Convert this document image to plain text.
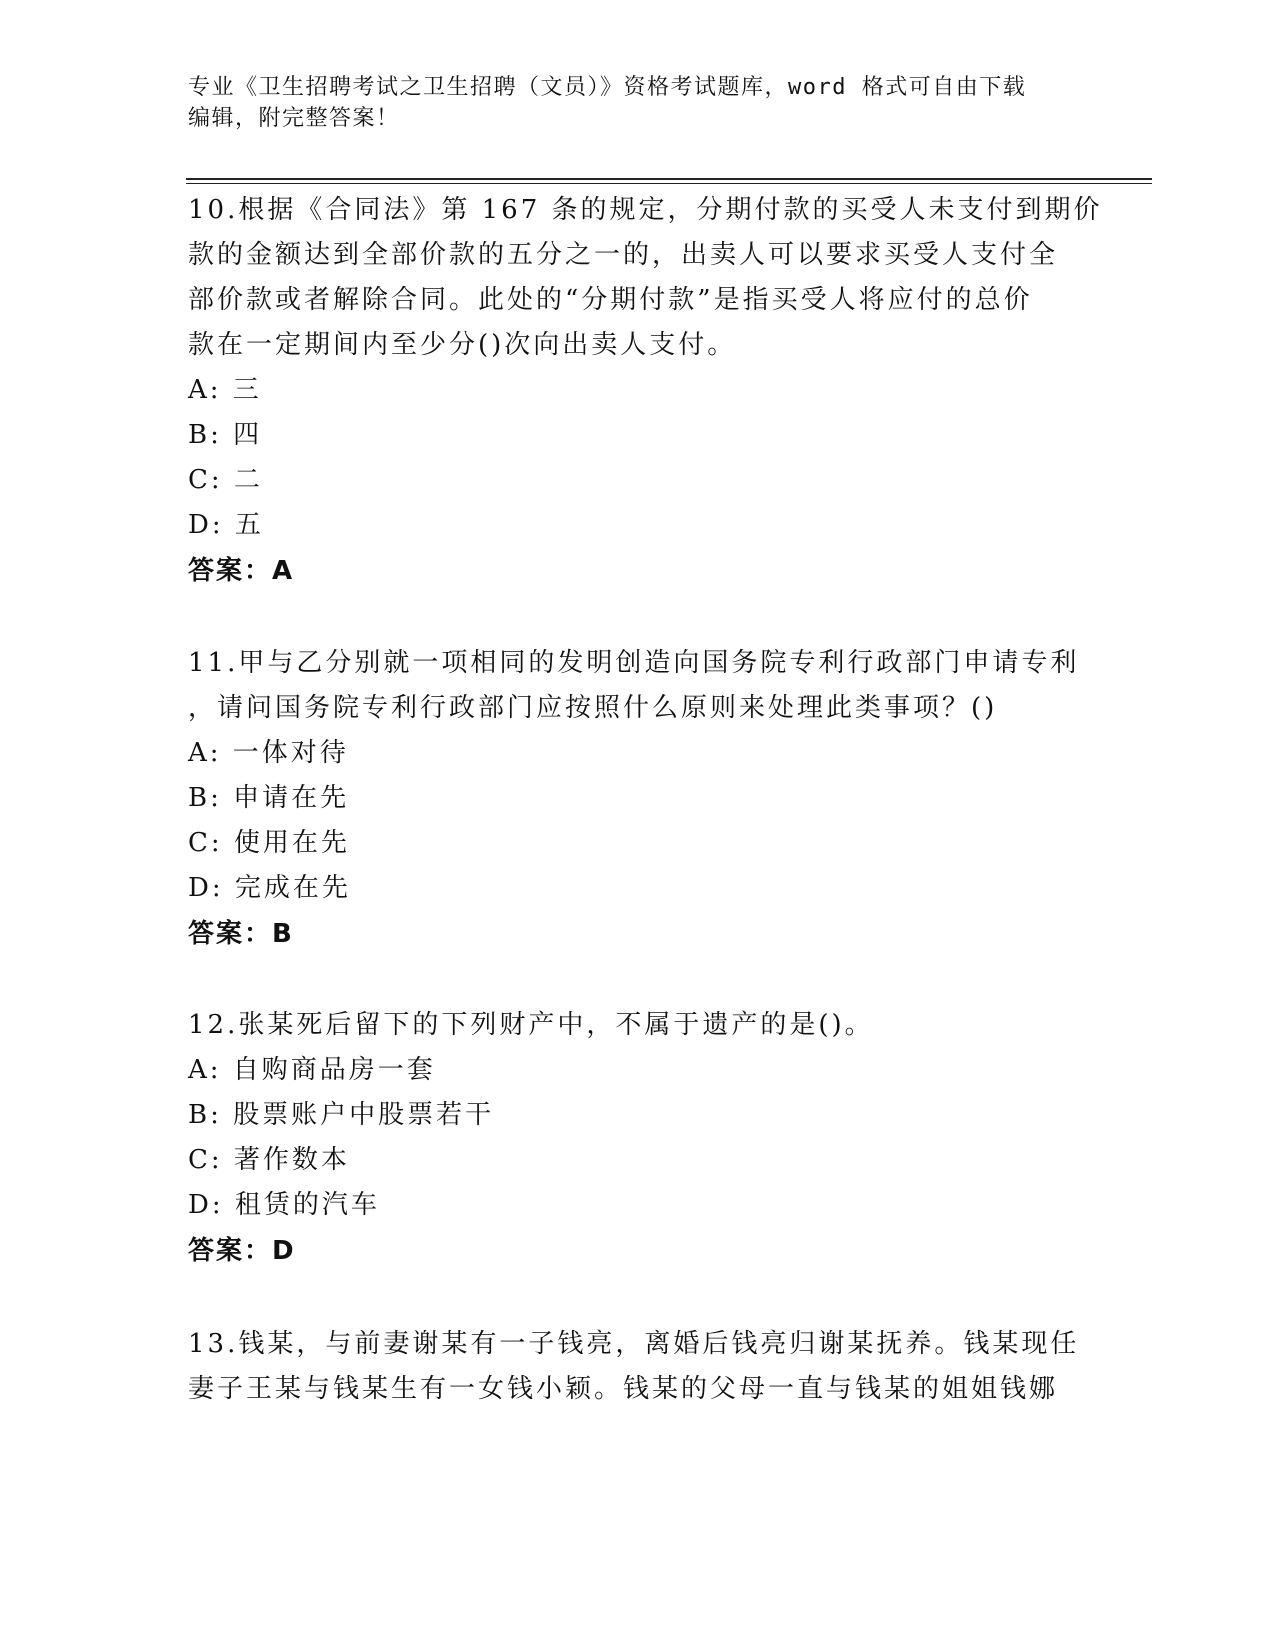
专业《卫生招聘考试之卫生招聘（文员）》资格考试题库，word 格式可自由下载
编辑，附完整答案！
10.根据《合同法》第 167 条的规定，分期付款的买受人未支付到期价
款的金额达到全部价款的五分之一的，出卖人可以要求买受人支付全
部价款或者解除合同。此处的“分期付款”是指买受人将应付的总价
款在一定期间内至少分()次向出卖人支付。
A: 三
B: 四
C: 二
D: 五
答案：A
11.甲与乙分别就一项相同的发明创造向国务院专利行政部门申请专利
，请问国务院专利行政部门应按照什么原则来处理此类事项？()
A: 一体对待
B: 申请在先
C: 使用在先
D: 完成在先
答案：B
12.张某死后留下的下列财产中，不属于遗产的是()。
A: 自购商品房一套
B: 股票账户中股票若干
C: 著作数本
D: 租赁的汽车
答案：D
13.钱某，与前妻谢某有一子钱亮，离婚后钱亮归谢某抚养。钱某现任
妻子王某与钱某生有一女钱小颖。钱某的父母一直与钱某的姐姐钱娜
